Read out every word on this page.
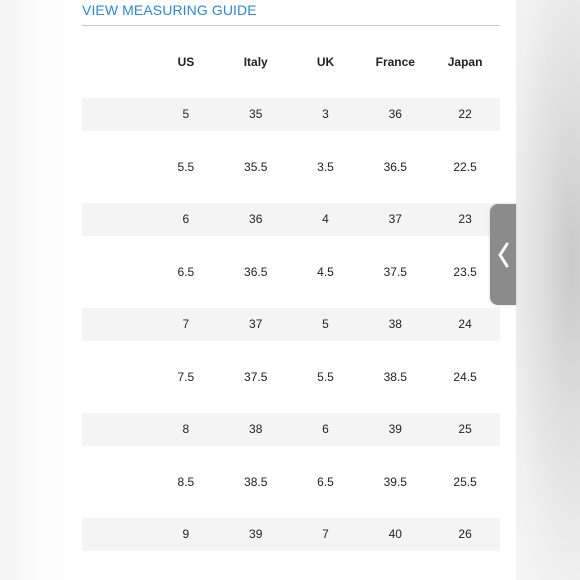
VIEW MEASURING GUIDE
	US	Italy	UK	France	Japan
	5	35	3	36	22
	5.5	35.5	3.5	36.5	22.5
	6	36	4	37	23
	6.5	36.5	4.5	37.5	23.5
	7	37	5	38	24
	7.5	37.5	5.5	38.5	24.5
	8	38	6	39	25
	8.5	38.5	6.5	39.5	25.5
	9	39	7	40	26
